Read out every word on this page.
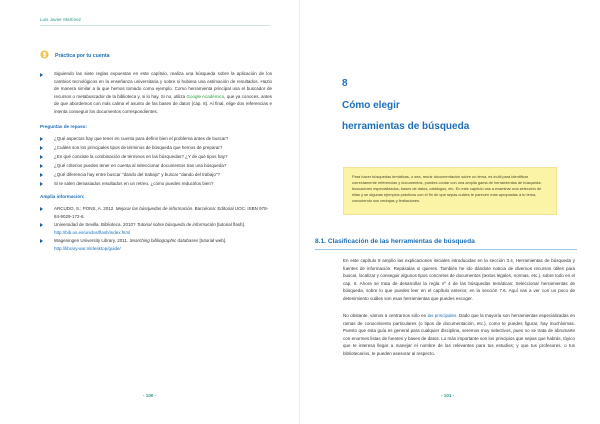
Luis Javier Martínez
Práctica por tu cuenta
Siguiendo las siete reglas expuestas en este capítulo, realiza una búsqueda sobre la aplicación de los cambios tecnológicos en la enseñanza universitaria y sobre si hubiera una estimación de resultados. Hazlo de manera similar a la que hemos tomado como ejemplo. Como herramienta principal usa el buscador de recursos o metabuscador de la biblioteca y, si lo hay. Si no, utiliza Google Académico, que ya conoces, antes de que abordemos con más calma el asunto de las bases de datos (cap. 8). Al final, elige dos referencias e intenta conseguir los documentos correspondientes.
Preguntas de repaso:
¿Qué aspectos hay que tener en cuenta para definir bien el problema antes de buscar?
¿Cuáles son los principales tipos de términos de búsqueda que hemos de preparar?
¿En qué consiste la combinación de términos en las búsquedas? ¿Y de qué tipos hay?
¿Qué criterios puedes tener en cuenta al seleccionar documentos tras una búsqueda?
¿Qué diferencia hay entre buscar "dando del trabajo" y buscar "dando del trabajo"?
Si te salen demasiados resultados en un retreo, ¿cómo puedes reducirlos bien?
Amplía información:
ARCUDO, S.; PONS, A. 2012. Mejorar las búsquedas de información. Barcelona: Editorial UOC. ISBN 978-84-9029-172-6.
Universidad de Sevilla. Biblioteca. 2010? Tutorial sobre búsqueda de información [tutorial flash]. http://bib.us.es/unidos/flash/index.html
Wageningen University Library. 2011. Searching bibliographic databases [tutorial web]. http://library.wur.nl/desktop/guide/
- 100 -
8
Cómo elegir
herramientas de búsqueda
Para hacer búsquedas temáticas, o sea, reunir documentación sobre un tema, es inútil para identificar correctamente referencias y documentos, puedes contar con una amplia gama de herramientas de búsqueda: buscadores especializados, bases de datos, catálogos, etc. En este capítulo vas a examinar una selección de ellas y se algunas ejemplos prácticos con el fin de que sepas cuáles te parecen más apropiadas a tu tema, conociendo sus ventajas y limitaciones.
8.1. Clasificación de las herramientas de búsqueda
En este capítulo 8 amplío las explicaciones iniciales introducidas en la sección 3.4, Herramientas de búsqueda y fuentes de información. Repásalas si quieres. También he ido dándote noticia de diversos recursos útiles para buscar, localizar y conseguir algunos tipos concretos de documentos (textos legales, normas, etc.), sobre todo en el cap. 6. Ahora se trata de desarrollar la regla nº 4 de las búsquedas temáticas: Seleccionar herramientas de búsqueda, sobre lo que puedes leer en el capítulo anterior, en la sección 7.6. Aquí vas a ver con un poco de detenimiento cuáles son esas herramientas que puedes escoger.
No obstante, vamos a centrarnos sólo en las principales. Dado que la mayoría son herramientas especializadas en ramas de conocimiento particulares (o tipos de documentación, etc.), como te puedes figurar, hay muchísimas. Puesto que esta guía es general para cualquier disciplina, seremos muy selectivos, pues no se trata de abrumarte con enormes listas de fuentes y bases de datos. Lo más importante son los principios que sepas que habrás, tóyico que te interesa llegar a manejar el nombre de las relevantes para tus estudios; y que tus profesores, o tus bibliotecarios, te pueden asesorar al respecto.
- 101 -
